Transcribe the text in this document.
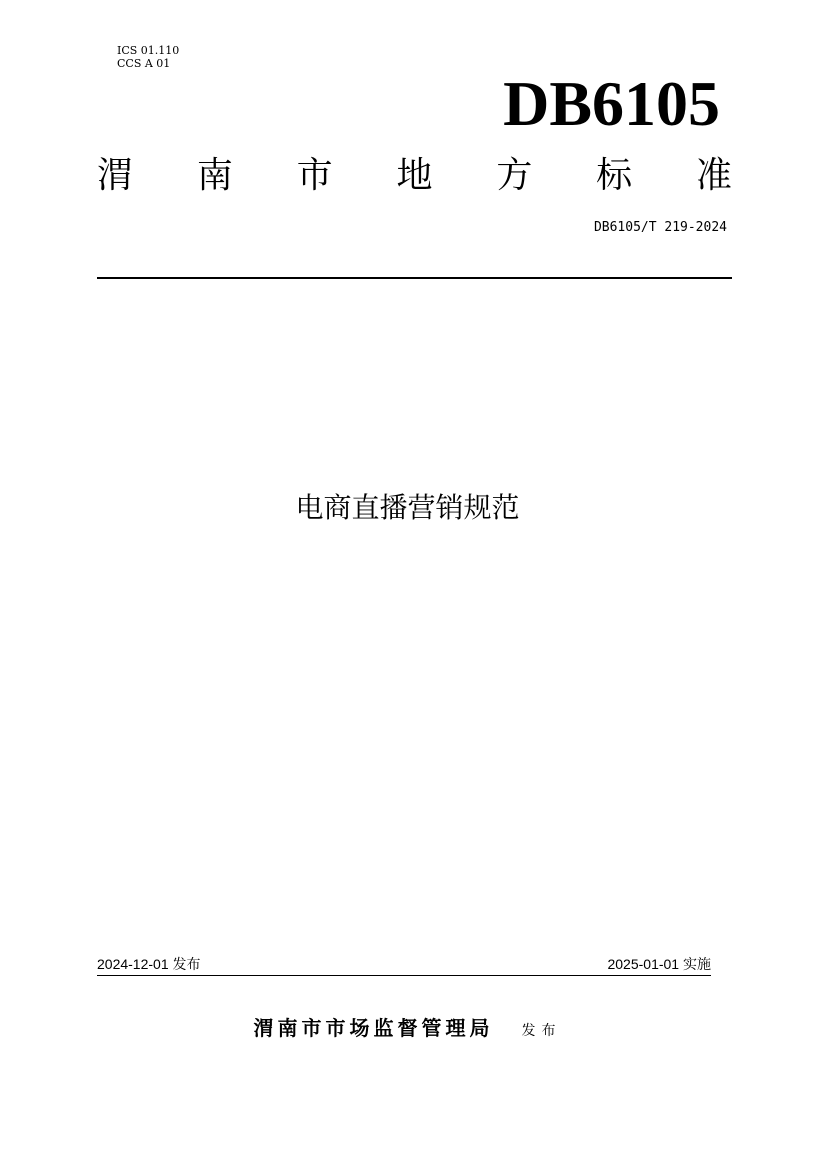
ICS 01.110
CCS A 01
DB6105
渭 南 市 地 方 标 准
DB6105/T 219-2024
电商直播营销规范
2024-12-01 发布	2025-01-01 实施
渭南市市场监督管理局 发布
